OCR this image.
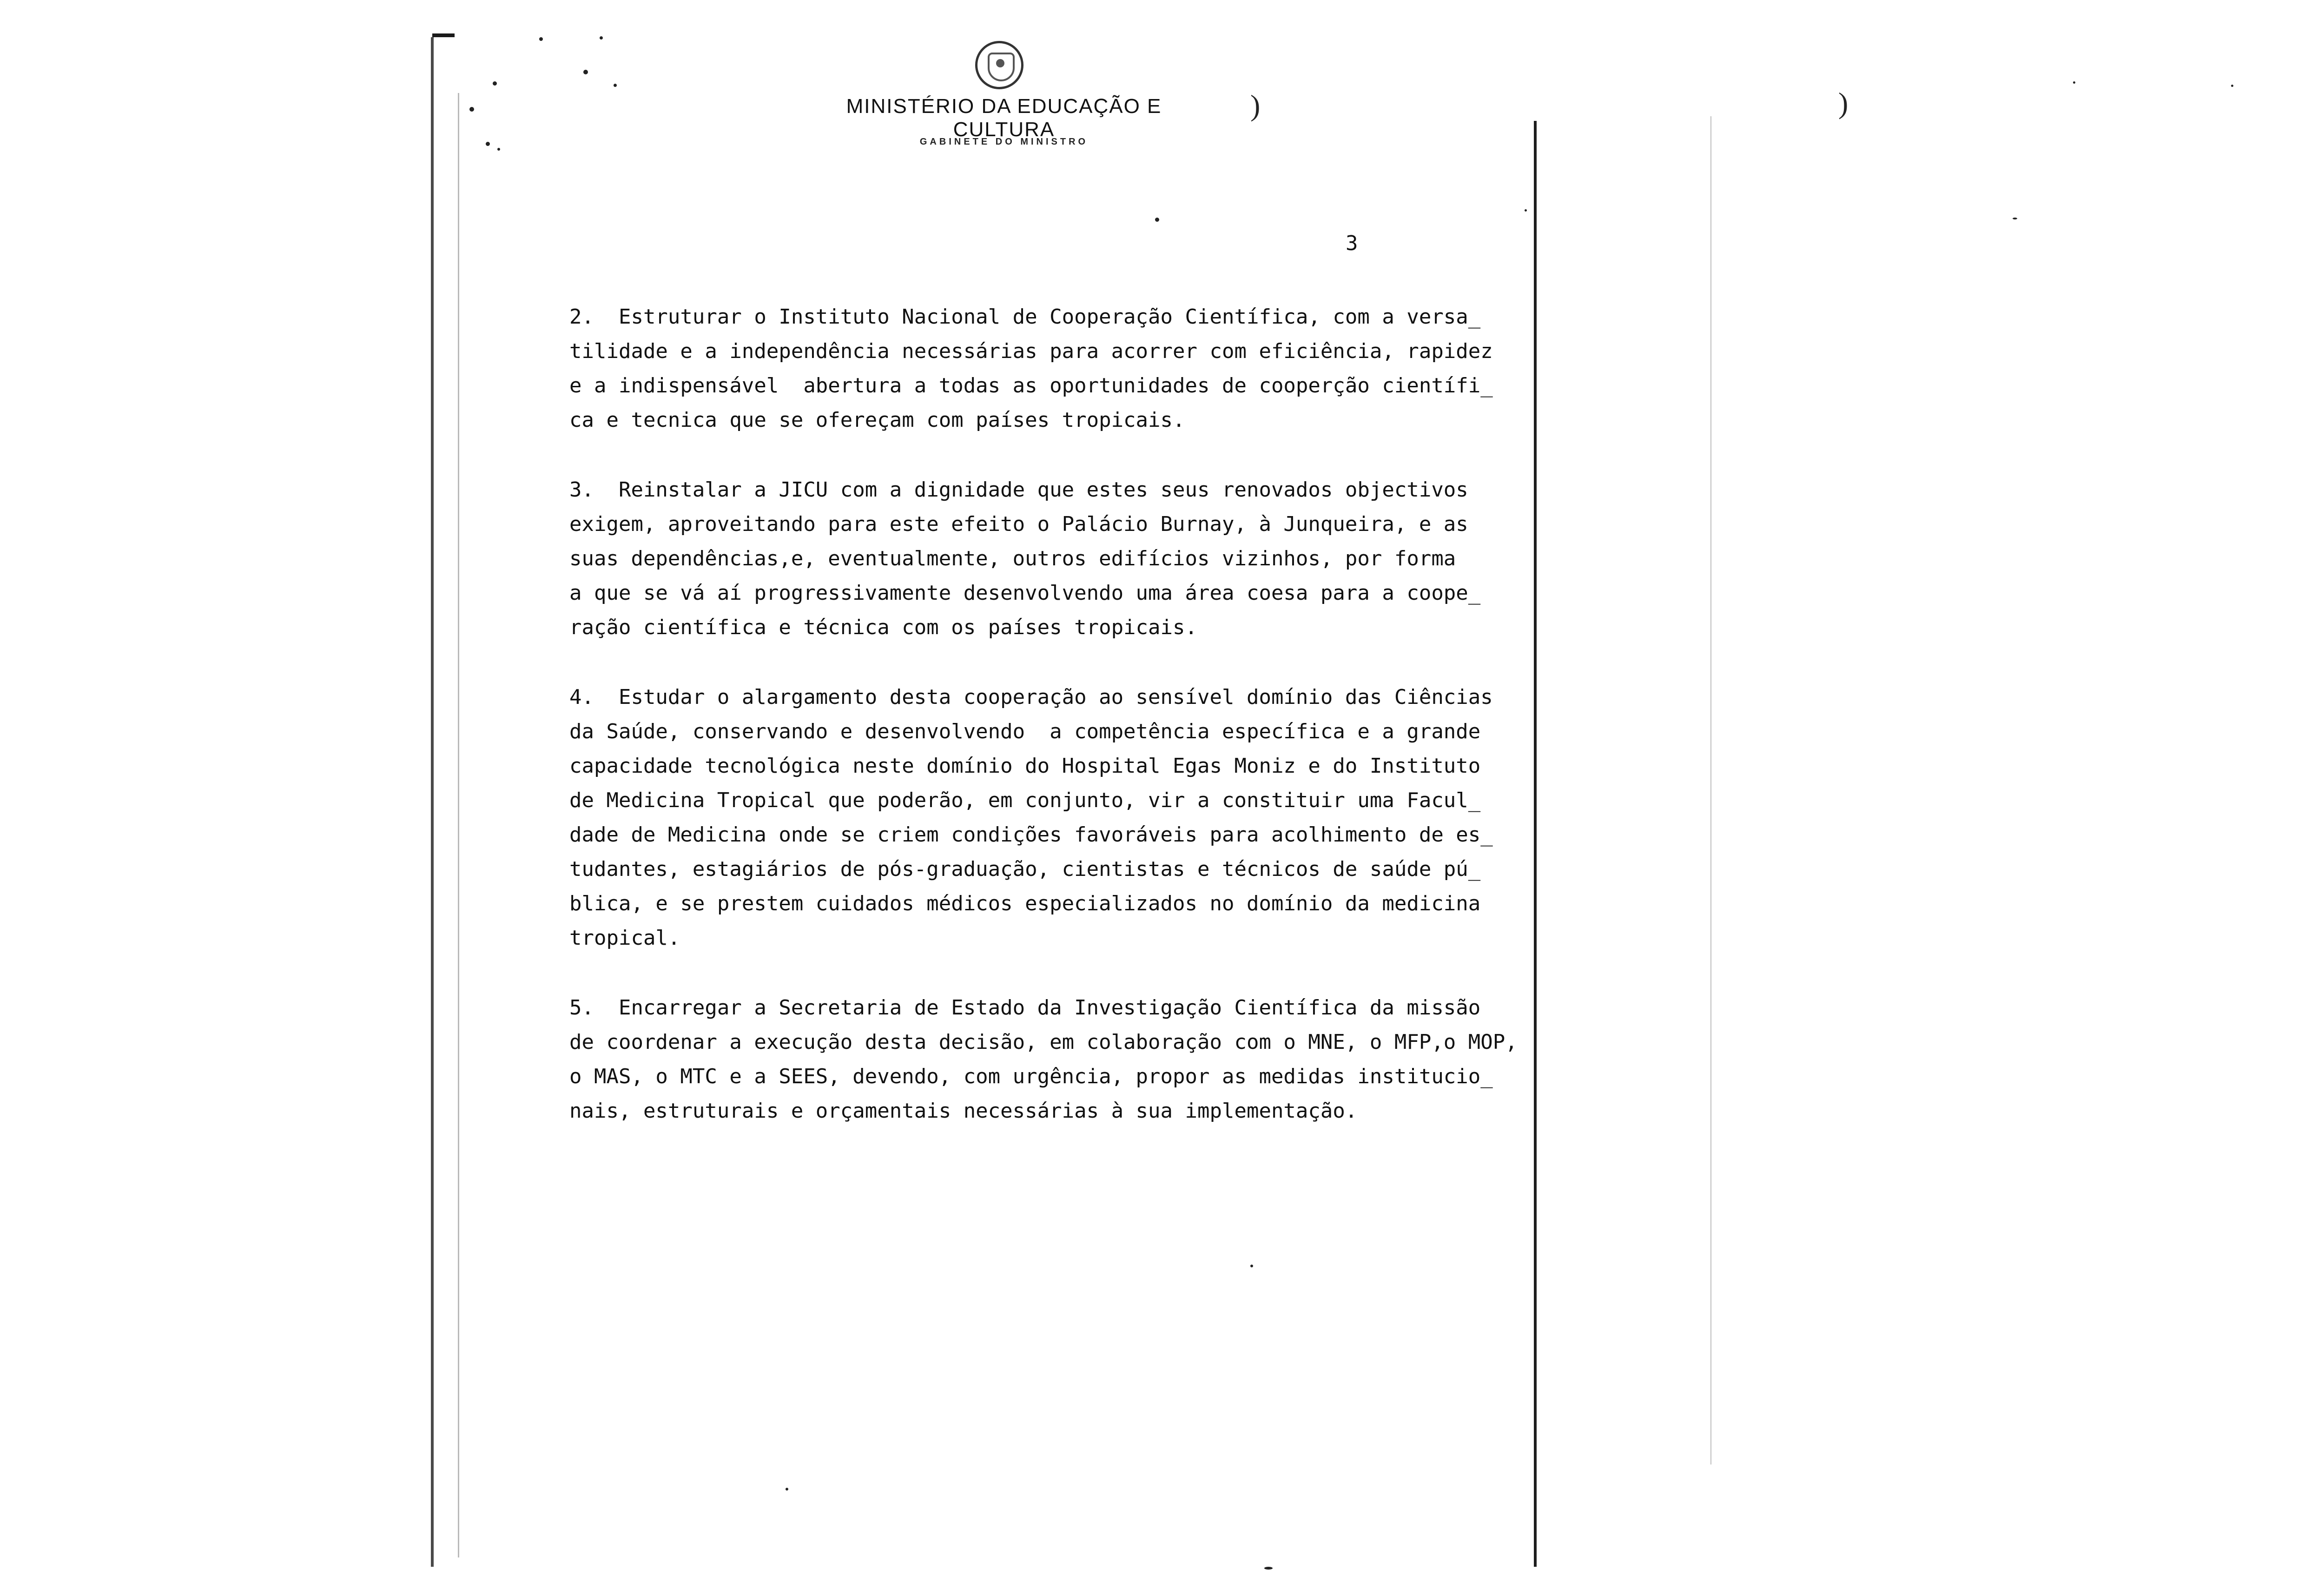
MINISTÉRIO DA EDUCAÇÃO E CULTURA
GABINETE DO MINISTRO
)	)
3
2.  Estruturar o Instituto Nacional de Cooperação Científica, com a versa_
tilidade e a independência necessárias para acorrer com eficiência, rapidez
e a indispensável  abertura a todas as oportunidades de cooperção científi_
ca e tecnica que se ofereçam com países tropicais.
3.  Reinstalar a JICU com a dignidade que estes seus renovados objectivos
exigem, aproveitando para este efeito o Palácio Burnay, à Junqueira, e as
suas dependências,e, eventualmente, outros edifícios vizinhos, por forma
a que se vá aí progressivamente desenvolvendo uma área coesa para a coope_
ração científica e técnica com os países tropicais.
4.  Estudar o alargamento desta cooperação ao sensível domínio das Ciências
da Saúde, conservando e desenvolvendo  a competência específica e a grande
capacidade tecnológica neste domínio do Hospital Egas Moniz e do Instituto
de Medicina Tropical que poderão, em conjunto, vir a constituir uma Facul_
dade de Medicina onde se criem condições favoráveis para acolhimento de es_
tudantes, estagiários de pós-graduação, cientistas e técnicos de saúde pú_
blica, e se prestem cuidados médicos especializados no domínio da medicina
tropical.
5.  Encarregar a Secretaria de Estado da Investigação Científica da missão
de coordenar a execução desta decisão, em colaboração com o MNE, o MFP,o MOP,
o MAS, o MTC e a SEES, devendo, com urgência, propor as medidas institucio_
nais, estruturais e orçamentais necessárias à sua implementação.
